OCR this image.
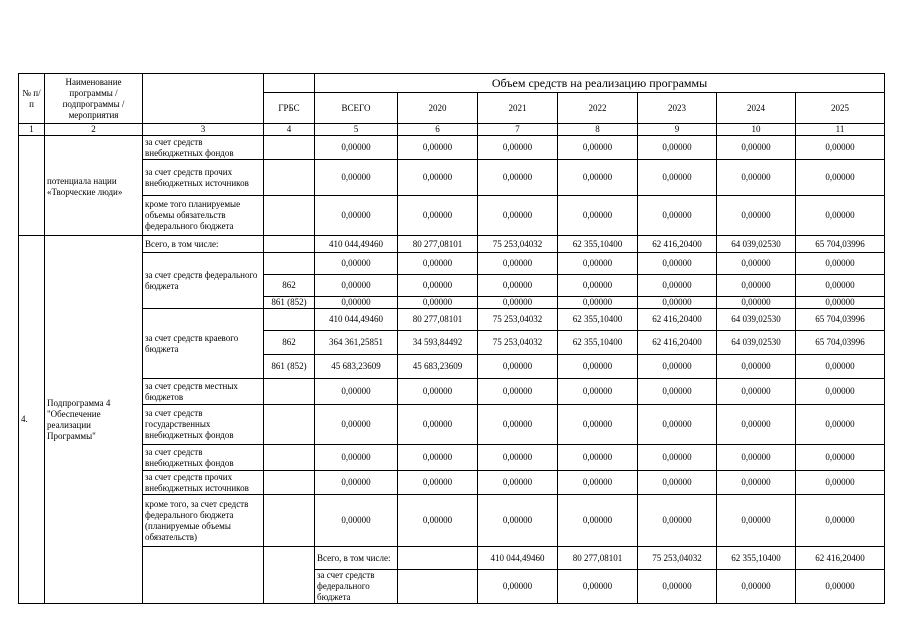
№ п/п	Наименование программы / подпрограммы / мероприятия			Объем средств на реализацию программы							
			ГРБС	ВСЕГО	2020	2021	2022	2023	2024	2025	
1	2	3	4	5	6	7	8	9	10	11	
	потенциала нации «Творческие люди»	за счет средств внебюджетных фондов		0,00000	0,00000	0,00000	0,00000	0,00000	0,00000	0,00000	
		за счет средств прочих внебюджетных источников		0,00000	0,00000	0,00000	0,00000	0,00000	0,00000	0,00000	
		кроме того планируемые объемы обязательств федерального бюджета		0,00000	0,00000	0,00000	0,00000	0,00000	0,00000	0,00000	
4.	Подпрограмма 4 "Обеспечение реализации Программы"	Всего, в том числе:		410 044,49460	80 277,08101	75 253,04032	62 355,10400	62 416,20400	64 039,02530	65 704,03996	
		за счет средств федерального бюджета		0,00000	0,00000	0,00000	0,00000	0,00000	0,00000	0,00000	
			862	0,00000	0,00000	0,00000	0,00000	0,00000	0,00000	0,00000	
			861 (852)	0,00000	0,00000	0,00000	0,00000	0,00000	0,00000	0,00000	
		за счет средств краевого бюджета		410 044,49460	80 277,08101	75 253,04032	62 355,10400	62 416,20400	64 039,02530	65 704,03996	
			862	364 361,25851	34 593,84492	75 253,04032	62 355,10400	62 416,20400	64 039,02530	65 704,03996	
			861 (852)	45 683,23609	45 683,23609	0,00000	0,00000	0,00000	0,00000	0,00000	
		за счет средств местных бюджетов		0,00000	0,00000	0,00000	0,00000	0,00000	0,00000	0,00000	
		за счет средств государственных внебюджетных фондов		0,00000	0,00000	0,00000	0,00000	0,00000	0,00000	0,00000	
		за счет средств внебюджетных фондов		0,00000	0,00000	0,00000	0,00000	0,00000	0,00000	0,00000	
		за счет средств прочих внебюджетных источников		0,00000	0,00000	0,00000	0,00000	0,00000	0,00000	0,00000	
		кроме того, за счет средств федерального бюджета (планируемые объемы обязательств)		0,00000	0,00000	0,00000	0,00000	0,00000	0,00000	0,00000	
				Всего, в том числе:		410 044,49460	80 277,08101	75 253,04032	62 355,10400	62 416,20400		
				за счет средств федерального бюджета		0,00000	0,00000	0,00000	0,00000	0,00000		
